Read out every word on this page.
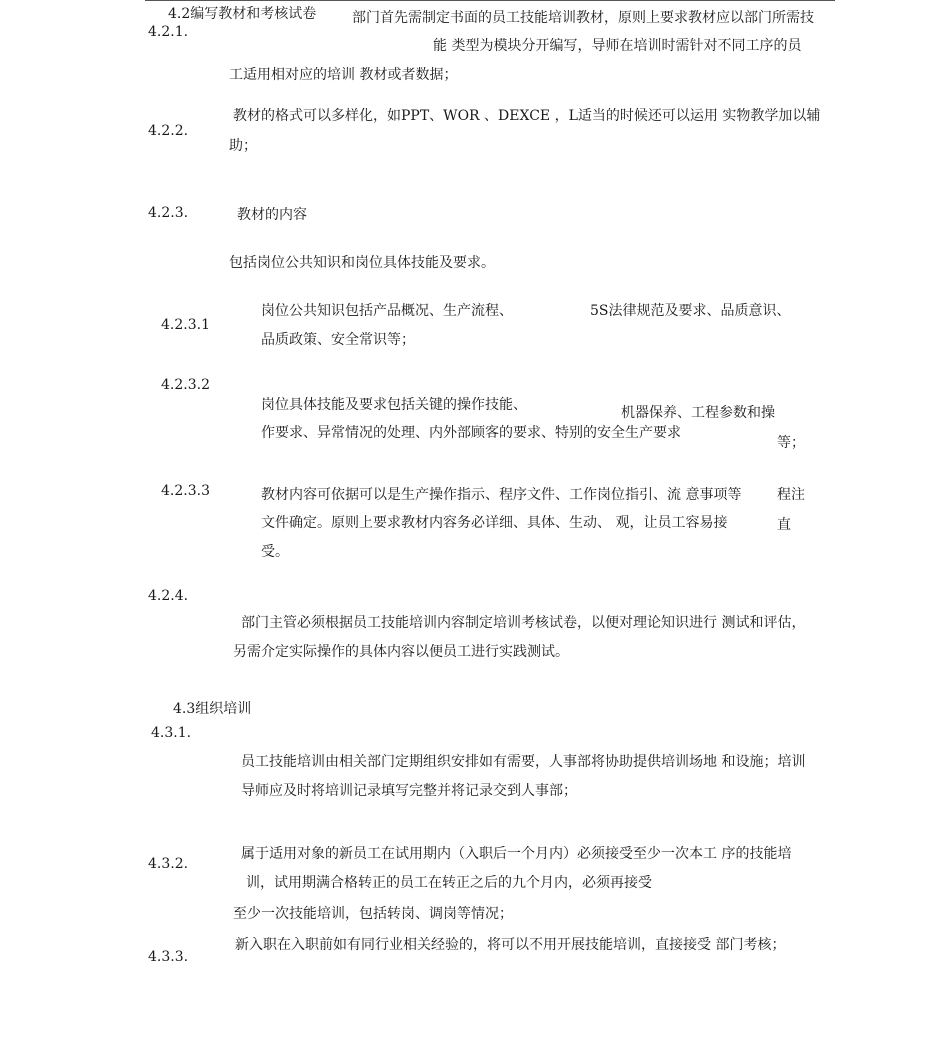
4.2编写教材和考核试卷
4.2.1.
部门首先需制定书面的员工技能培训教材，原则上要求教材应以部门所需技
能 类型为模块分开编写，导师在培训时需针对不同工序的员
工适用相对应的培训 教材或者数据；
4.2.2.
教材的格式可以多样化，如PPT、WOR 、DEXCE ，L适当的时候还可以运用 实物教学加以辅
助；
4.2.3.	教材的内容
包括岗位公共知识和岗位具体技能及要求。
4.2.3.1
岗位公共知识包括产品概况、生产流程、	5S法律规范及要求、品质意识、
品质政策、安全常识等；
4.2.3.2
岗位具体技能及要求包括关键的操作技能、	机器保养、工程参数和操
作要求、异常情况的处理、内外部顾客的要求、特别的安全生产要求
等；
4.2.3.3	教材内容可依据可以是生产操作指示、程序文件、工作岗位指引、流 意事项等	程注
文件确定。原则上要求教材内容务必详细、具体、生动、 观，让员工容易接	直
受。
4.2.4.
部门主管必须根据员工技能培训内容制定培训考核试卷，以便对理论知识进行 测试和评估，
另需介定实际操作的具体内容以便员工进行实践测试。
4.3组织培训
4.3.1.
员工技能培训由相关部门定期组织安排如有需要，人事部将协助提供培训场地 和设施；培训
导师应及时将培训记录填写完整并将记录交到人事部；
4.3.2.
属于适用对象的新员工在试用期内（入职后一个月内）必须接受至少一次本工 序的技能培
训，试用期满合格转正的员工在转正之后的九个月内，必须再接受
至少一次技能培训，包括转岗、调岗等情况；
4.3.3.
新入职在入职前如有同行业相关经验的，将可以不用开展技能培训，直接接受 部门考核；
